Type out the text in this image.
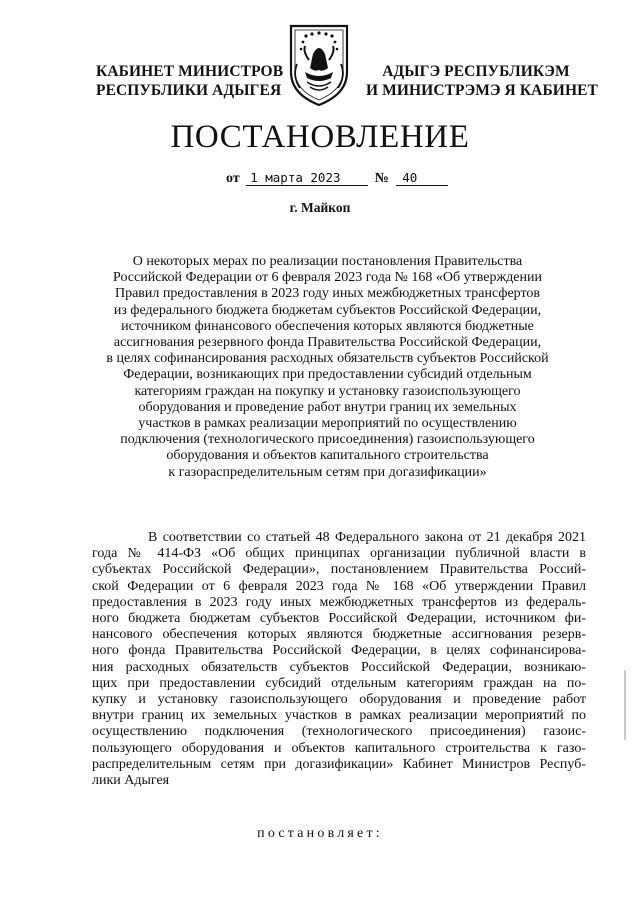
КАБИНЕТ МИНИСТРОВ
РЕСПУБЛИКИ АДЫГЕЯ
АДЫГЭ РЕСПУБЛИКЭМ
И МИНИСТРЭМЭ Я КАБИНЕТ
ПОСТАНОВЛЕНИЕ
от 1 марта 2023 № 40
г. Майкоп
О некоторых мерах по реализации постановления Правительства
Российской Федерации от 6 февраля 2023 года № 168 «Об утверждении
Правил предоставления в 2023 году иных межбюджетных трансфертов
из федерального бюджета бюджетам субъектов Российской Федерации,
источником финансового обеспечения которых являются бюджетные
ассигнования резервного фонда Правительства Российской Федерации,
в целях софинансирования расходных обязательств субъектов Российской
Федерации, возникающих при предоставлении субсидий отдельным
категориям граждан на покупку и установку газоиспользующего
оборудования и проведение работ внутри границ их земельных
участков в рамках реализации мероприятий по осуществлению
подключения (технологического присоединения) газоиспользующего
оборудования и объектов капитального строительства
к газораспределительным сетям при догазификации»
В соответствии со статьей 48 Федерального закона от 21 декабря 2021
года № 414-ФЗ «Об общих принципах организации публичной власти в
субъектах Российской Федерации», постановлением Правительства Россий-
ской Федерации от 6 февраля 2023 года № 168 «Об утверждении Правил
предоставления в 2023 году иных межбюджетных трансфертов из федераль-
ного бюджета бюджетам субъектов Российской Федерации, источником фи-
нансового обеспечения которых являются бюджетные ассигнования резерв-
ного фонда Правительства Российской Федерации, в целях софинансирова-
ния расходных обязательств субъектов Российской Федерации, возникаю-
щих при предоставлении субсидий отдельным категориям граждан на по-
купку и установку газоиспользующего оборудования и проведение работ
внутри границ их земельных участков в рамках реализации мероприятий по
осуществлению подключения (технологического присоединения) газоис-
пользующего оборудования и объектов капитального строительства к газо-
распределительным сетям при догазификации» Кабинет Министров Респуб-
лики Адыгея
постановляет:
